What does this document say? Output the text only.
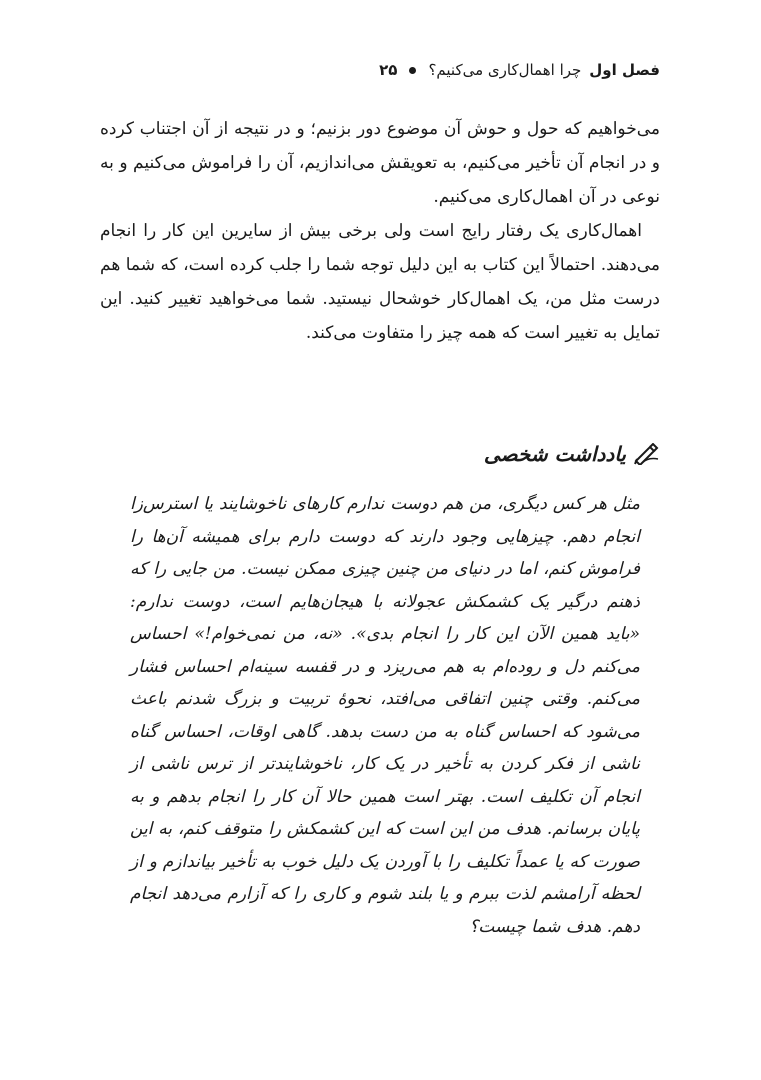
فصل اول
چرا اهمال‌کاری می‌کنیم؟
۲۵

می‌خواهیم که حول و حوش آن موضوع دور بزنیم؛ و در نتیجه از آن اجتناب کرده و در انجام آن تأخیر می‌کنیم، به تعویقش می‌اندازیم، آن را فراموش می‌کنیم و به نوعی در آن اهمال‌کاری می‌کنیم.

اهمال‌کاری یک رفتار رایج است ولی برخی بیش از سایرین این کار را انجام می‌دهند. احتمالاً این کتاب به این دلیل توجه شما را جلب کرده است، که شما هم درست مثل من، یک اهمال‌کار خوشحال نیستید. شما می‌خواهید تغییر کنید. این تمایل به تغییر است که همه چیز را متفاوت می‌کند.

یادداشت شخصی

مثل هر کس دیگری، من هم دوست ندارم کارهای ناخوشایند یا استرس‌زا انجام دهم. چیزهایی وجود دارند که دوست دارم برای همیشه آن‌ها را فراموش کنم، اما در دنیای من چنین چیزی ممکن نیست. من جایی را که ذهنم درگیر یک کشمکش عجولانه با هیجان‌هایم است، دوست ندارم: «باید همین الآن این کار را انجام بدی». «نه، من نمی‌خوام!» احساس می‌کنم دل و روده‌ام به هم می‌ریزد و در قفسه سینه‌ام احساس فشار می‌کنم. وقتی چنین اتفاقی می‌افتد، نحوهٔ تربیت و بزرگ شدنم باعث می‌شود که احساس گناه به من دست بدهد. گاهی اوقات، احساس گناه ناشی از فکر کردن به تأخیر در یک کار، ناخوشایندتر از ترس ناشی از انجام آن تکلیف است. بهتر است همین حالا آن کار را انجام بدهم و به پایان برسانم. هدف من این است که این کشمکش را متوقف کنم، به این صورت که یا عمداً تکلیف را با آوردن یک دلیل خوب به تأخیر بیاندازم و از لحظه آرامشم لذت ببرم و یا بلند شوم و کاری را که آزارم می‌دهد انجام دهم. هدف شما چیست؟
